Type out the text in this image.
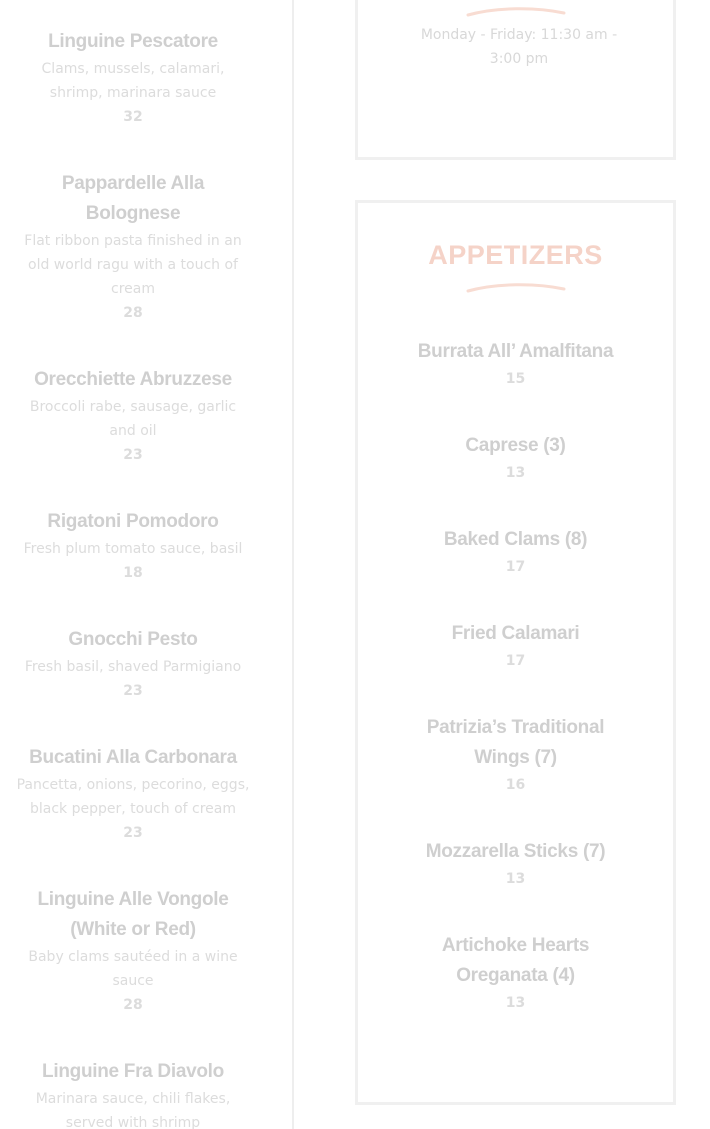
Linguine Pescatore
Clams, mussels, calamari, shrimp, marinara sauce
32
Pappardelle Alla Bolognese
Flat ribbon pasta finished in an old world ragu with a touch of cream
28
Orecchiette Abruzzese
Broccoli rabe, sausage, garlic and oil
23
Rigatoni Pomodoro
Fresh plum tomato sauce, basil
18
Gnocchi Pesto
Fresh basil, shaved Parmigiano
23
Bucatini Alla Carbonara
Pancetta, onions, pecorino, eggs, black pepper, touch of cream
23
Linguine Alle Vongole (White or Red)
Baby clams sautéed in a wine sauce
28
Linguine Fra Diavolo
Marinara sauce, chili flakes, served with shrimp
Monday - Friday: 11:30 am - 3:00 pm
APPETIZERS
Burrata All’ Amalfitana
15
Caprese (3)
13
Baked Clams (8)
17
Fried Calamari
17
Patrizia’s Traditional Wings (7)
16
Mozzarella Sticks (7)
13
Artichoke Hearts Oreganata (4)
13
